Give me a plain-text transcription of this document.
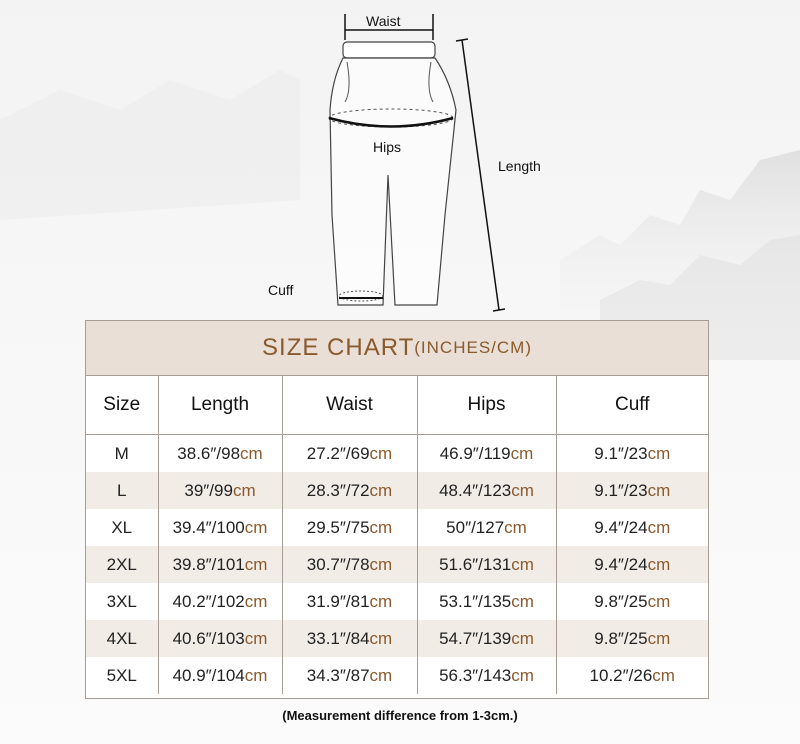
Waist
Hips
Length
Cuff
SIZE CHART (INCHES/CM)
Size	Length	Waist	Hips	Cuff
M	38.6″/98cm	27.2″/69cm	46.9″/119cm	9.1″/23cm
L	39″/99cm	28.3″/72cm	48.4″/123cm	9.1″/23cm
XL	39.4″/100cm	29.5″/75cm	50″/127cm	9.4″/24cm
2XL	39.8″/101cm	30.7″/78cm	51.6″/131cm	9.4″/24cm
3XL	40.2″/102cm	31.9″/81cm	53.1″/135cm	9.8″/25cm
4XL	40.6″/103cm	33.1″/84cm	54.7″/139cm	9.8″/25cm
5XL	40.9″/104cm	34.3″/87cm	56.3″/143cm	10.2″/26cm
(Measurement difference from 1-3cm.)
